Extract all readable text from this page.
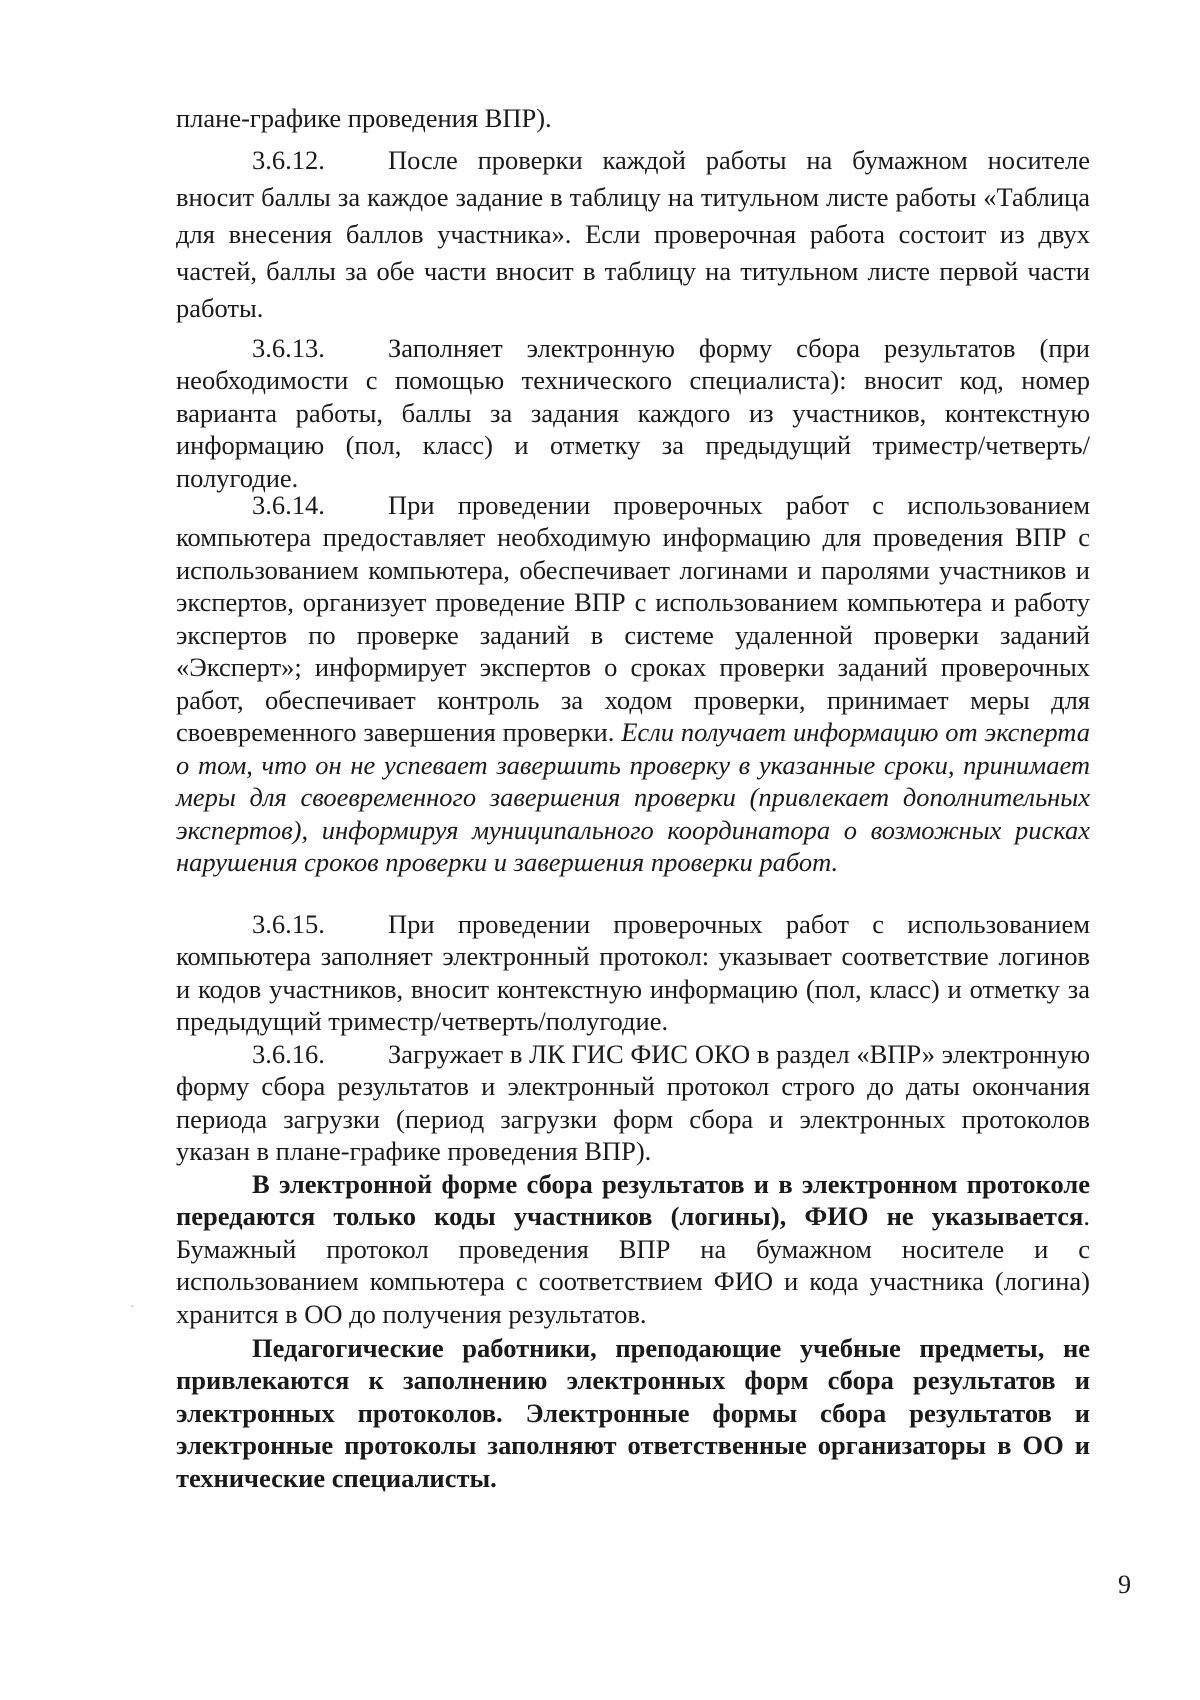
плане-графике проведения ВПР).

3.6.12. После проверки каждой работы на бумажном носителе вносит баллы за каждое задание в таблицу на титульном листе работы «Таблица для внесения баллов участника». Если проверочная работа состоит из двух частей, баллы за обе части вносит в таблицу на титульном листе первой части работы.

3.6.13. Заполняет электронную форму сбора результатов (при необходимости с помощью технического специалиста): вносит код, номер варианта работы, баллы за задания каждого из участников, контекстную информацию (пол, класс) и отметку за предыдущий триместр/четверть/полугодие.

3.6.14. При проведении проверочных работ с использованием компьютера предоставляет необходимую информацию для проведения ВПР с использованием компьютера, обеспечивает логинами и паролями участников и экспертов, организует проведение ВПР с использованием компьютера и работу экспертов по проверке заданий в системе удаленной проверки заданий «Эксперт»; информирует экспертов о сроках проверки заданий проверочных работ, обеспечивает контроль за ходом проверки, принимает меры для своевременного завершения проверки. Если получает информацию от эксперта о том, что он не успевает завершить проверку в указанные сроки, принимает меры для своевременного завершения проверки (привлекает дополнительных экспертов), информируя муниципального координатора о возможных рисках нарушения сроков проверки и завершения проверки работ.

3.6.15. При проведении проверочных работ с использованием компьютера заполняет электронный протокол: указывает соответствие логинов и кодов участников, вносит контекстную информацию (пол, класс) и отметку за предыдущий триместр/четверть/полугодие.

3.6.16. Загружает в ЛК ГИС ФИС ОКО в раздел «ВПР» электронную форму сбора результатов и электронный протокол строго до даты окончания периода загрузки (период загрузки форм сбора и электронных протоколов указан в плане-графике проведения ВПР).

В электронной форме сбора результатов и в электронном протоколе передаются только коды участников (логины), ФИО не указывается. Бумажный протокол проведения ВПР на бумажном носителе и с использованием компьютера с соответствием ФИО и кода участника (логина) хранится в ОО до получения результатов.

Педагогические работники, преподающие учебные предметы, не привлекаются к заполнению электронных форм сбора результатов и электронных протоколов. Электронные формы сбора результатов и электронные протоколы заполняют ответственные организаторы в ОО и технические специалисты.

·
9
